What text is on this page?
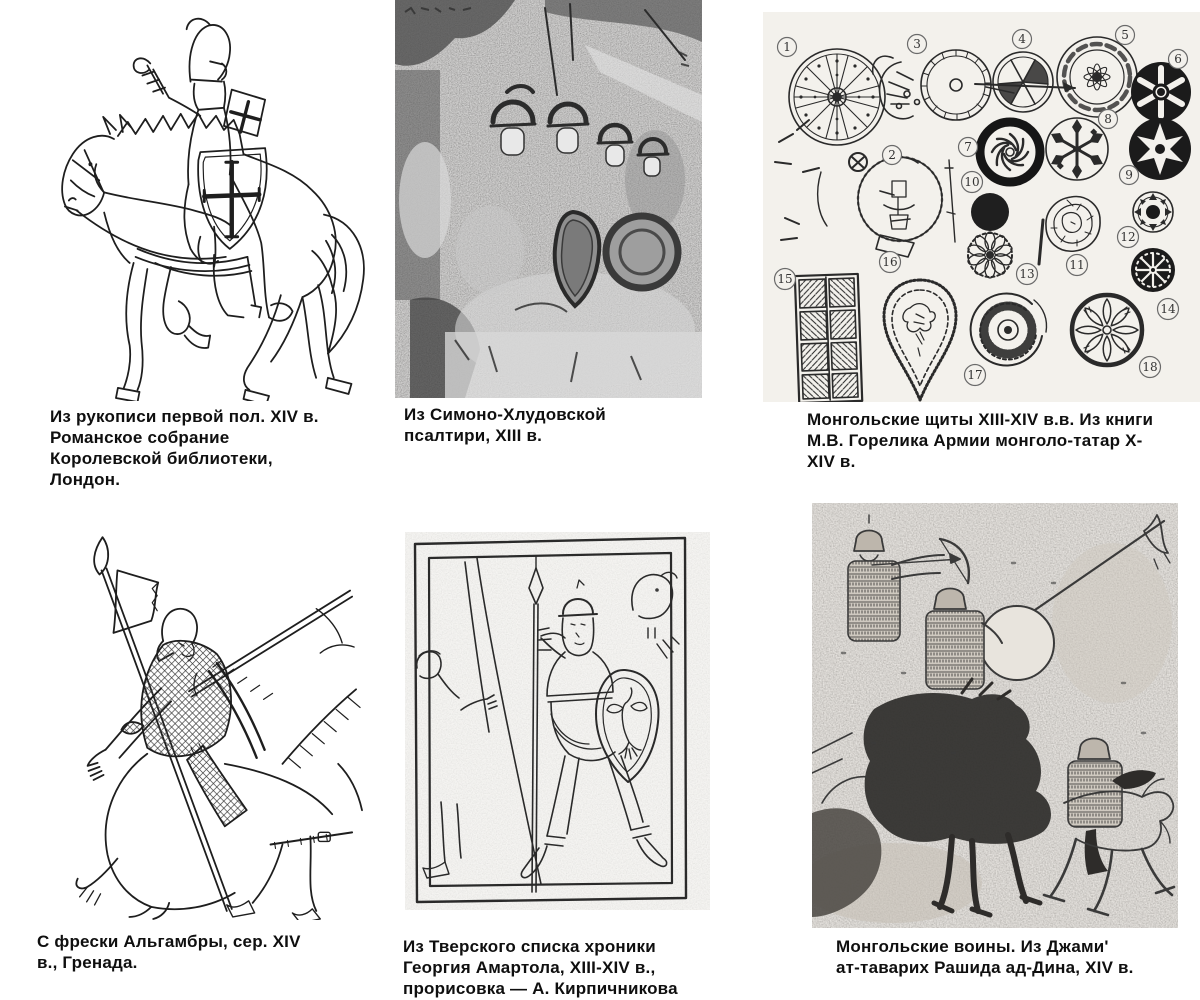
1
2
3	4	5
6
7
8
9
10
11
12
13
14
15
16
17
18
Из рукописи первой пол. XIV в.
Романское собрание
Королевской библиотеки,
Лондон.
Из Симоно-Хлудовской
псалтири, XIII в.
Монгольские щиты XIII-XIV в.в. Из книги
М.В. Горелика Армии монголо-татар X-
XIV в.
С фрески Альгамбры, сер. XIV
в., Гренада.
Из Тверского списка хроники
Георгия Амартола, XIII-XIV в.,
прорисовка — А. Кирпичникова
Монгольские воины. Из Джами'
ат-таварих Рашида ад-Дина, XIV в.
